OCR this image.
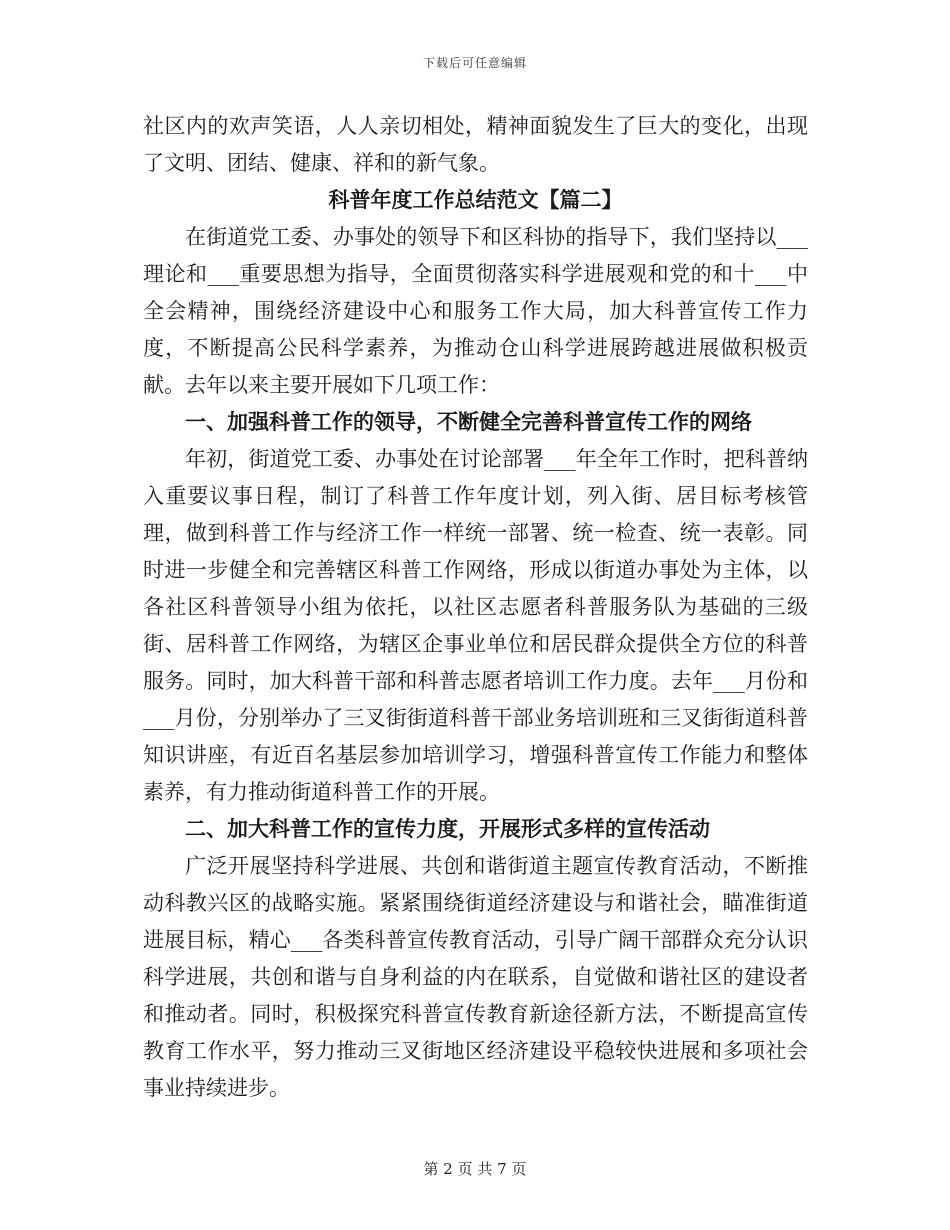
下载后可任意编辑

社区内的欢声笑语，人人亲切相处，精神面貌发生了巨大的变化，出现了文明、团结、健康、祥和的新气象。

科普年度工作总结范文【篇二】

在街道党工委、办事处的领导下和区科协的指导下，我们坚持以___理论和___重要思想为指导，全面贯彻落实科学进展观和党的和十___中全会精神，围绕经济建设中心和服务工作大局，加大科普宣传工作力度，不断提高公民科学素养，为推动仓山科学进展跨越进展做积极贡献。去年以来主要开展如下几项工作：

一、加强科普工作的领导，不断健全完善科普宣传工作的网络

年初，街道党工委、办事处在讨论部署___年全年工作时，把科普纳入重要议事日程，制订了科普工作年度计划，列入街、居目标考核管理，做到科普工作与经济工作一样统一部署、统一检查、统一表彰。同时进一步健全和完善辖区科普工作网络，形成以街道办事处为主体，以各社区科普领导小组为依托，以社区志愿者科普服务队为基础的三级街、居科普工作网络，为辖区企事业单位和居民群众提供全方位的科普服务。同时，加大科普干部和科普志愿者培训工作力度。去年___月份和___月份，分别举办了三叉街街道科普干部业务培训班和三叉街街道科普知识讲座，有近百名基层参加培训学习，增强科普宣传工作能力和整体素养，有力推动街道科普工作的开展。

二、加大科普工作的宣传力度，开展形式多样的宣传活动

广泛开展坚持科学进展、共创和谐街道主题宣传教育活动，不断推动科教兴区的战略实施。紧紧围绕街道经济建设与和谐社会，瞄准街道进展目标，精心___各类科普宣传教育活动，引导广阔干部群众充分认识科学进展，共创和谐与自身利益的内在联系，自觉做和谐社区的建设者和推动者。同时，积极探究科普宣传教育新途径新方法，不断提高宣传教育工作水平，努力推动三叉街地区经济建设平稳较快进展和多项社会事业持续进步。

第 2 页 共 7 页
